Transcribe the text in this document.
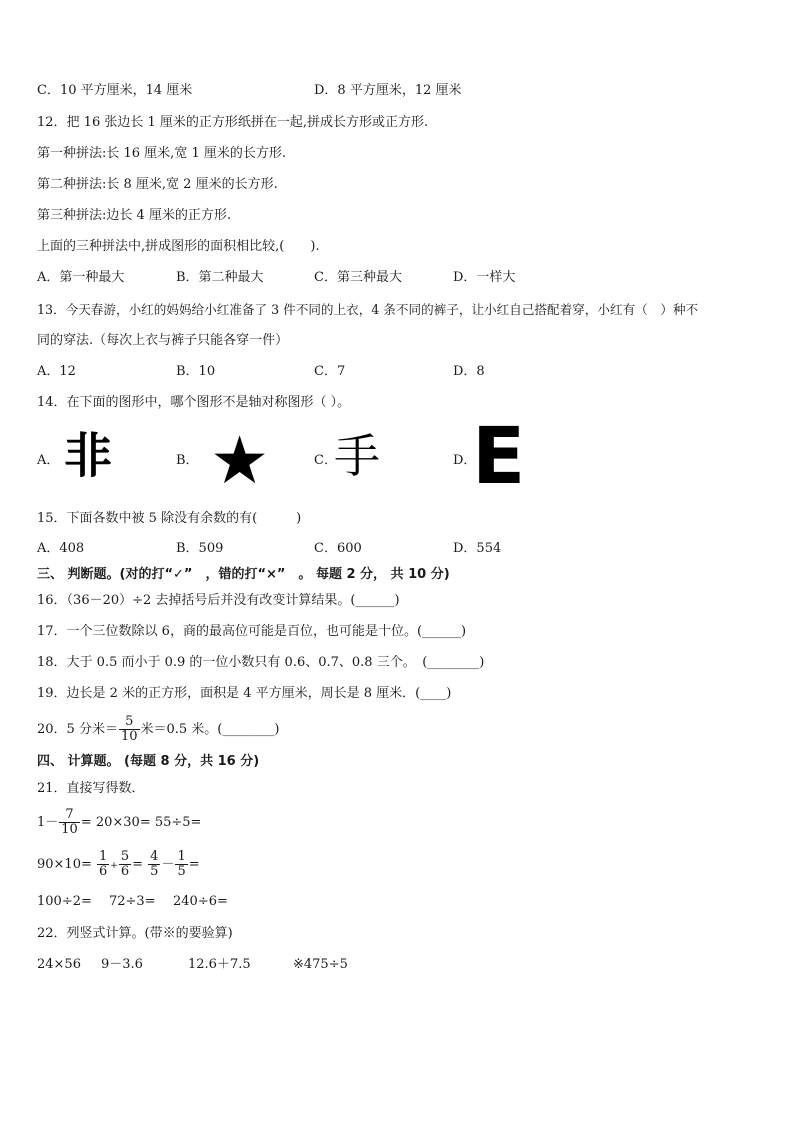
C．10 平方厘米，14 厘米	D．8 平方厘米，12 厘米
12．把 16 张边长 1 厘米的正方形纸拼在一起,拼成长方形或正方形.
第一种拼法:长 16 厘米,宽 1 厘米的长方形.
第二种拼法:长 8 厘米,宽 2 厘米的长方形.
第三种拼法:边长 4 厘米的正方形.
上面的三种拼法中,拼成图形的面积相比较,(　　).
A．第一种最大	B．第二种最大	C．第三种最大	D．一样大
13．今天春游，小红的妈妈给小红准备了 3 件不同的上衣，4 条不同的裤子，让小红自己搭配着穿，小红有（　）种不
同的穿法.（每次上衣与裤子只能各穿一件）
A．12	B．10	C．7	D．8
14．在下面的图形中，哪个图形不是轴对称图形（ ）。
A． 非	B． ★	C．
手	D．
E
15．下面各数中被 5 除没有余数的有(　　　)
A．408	B．509	C．600	D．554
三、 判断题。(对的打“✓”　，错的打“×”　。 每题 2 分， 共 10 分)
16．（36－20）÷2 去掉括号后并没有改变计算结果。(______)
17．一个三位数除以 6，商的最高位可能是百位，也可能是十位。(______)
18．大于 0.5 而小于 0.9 的一位小数只有 0.6、0.7、0.8 三个。　(________)
19．边长是 2 米的正方形，面积是 4 平方厘米，周长是 8 厘米．(____)
20．5 分米＝ $\frac{5}{10}$ 米＝0.5 米。(________)
四、 计算题。 (每题 8 分，共 16 分)
21．直接写得数．
$1- \frac{7}{10} = 20\times 30= 55\div 5=$
$90\times 10= \frac{1}{6} + \frac{5}{6} = \frac{4}{5} - \frac{1}{5}$ =
100÷2= 72÷3= 240÷6=
22．列竖式计算。(带※的要验算)
24×56 9－3.6	12.6＋7.5	※475÷5
